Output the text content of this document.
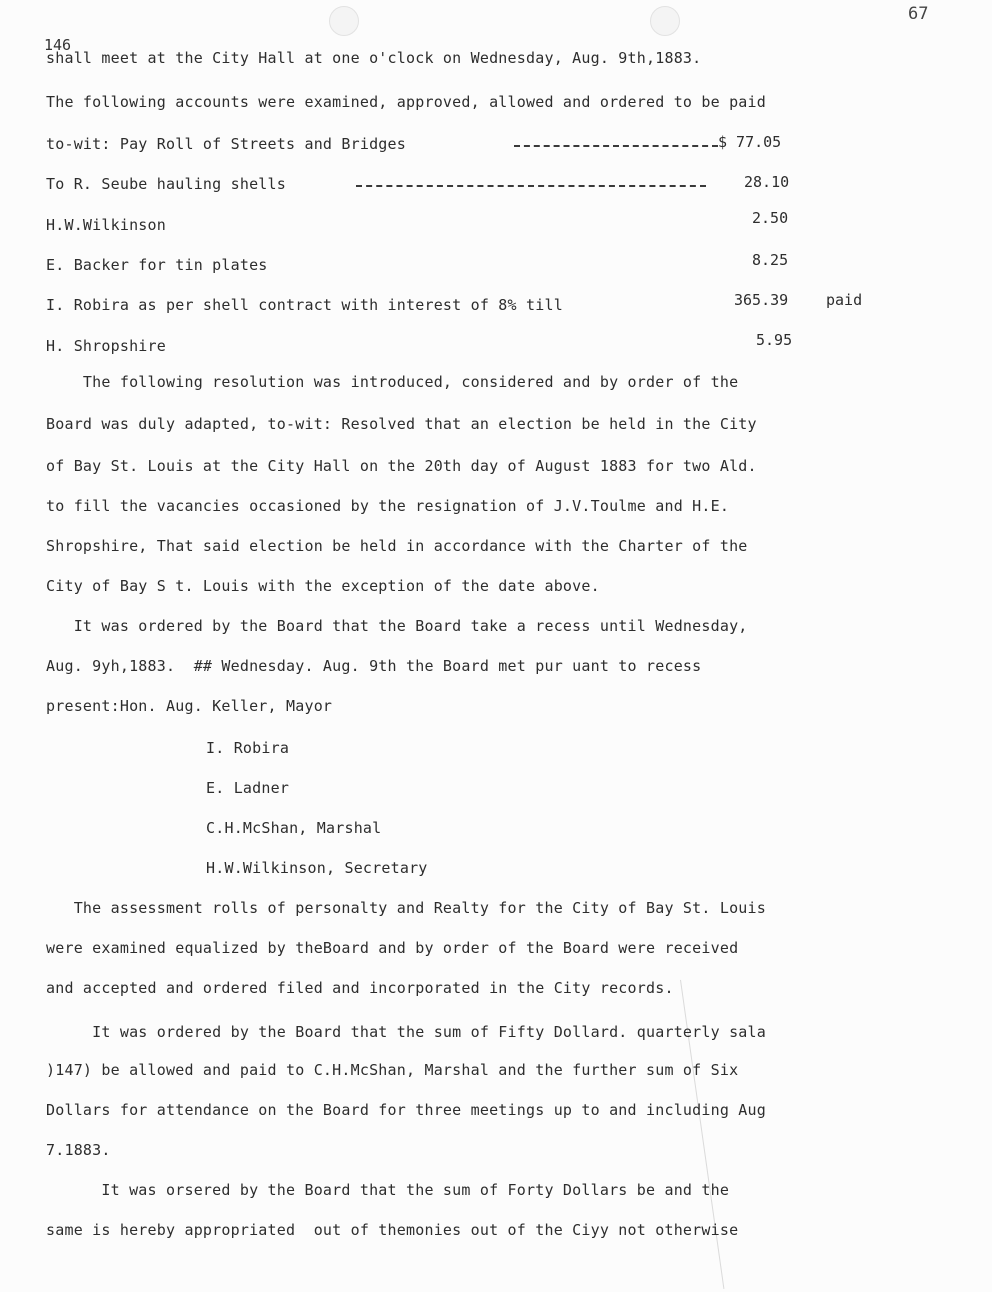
67
146
shall meet at the City Hall at one o'clock on Wednesday, Aug. 9th,1883.
The following accounts were examined, approved, allowed and ordered to be paid
to-wit: Pay Roll of Streets and Bridges	$ 77.05
To R. Seube hauling shells	28.10
H.W.Wilkinson	2.50
E. Backer for tin plates	8.25
I. Robira as per shell contract with interest of 8% till	365.39	paid
H. Shropshire	5.95
The following resolution was introduced, considered and by order of the
Board was duly adapted, to-wit: Resolved that an election be held in the City
of Bay St. Louis at the City Hall on the 20th day of August 1883 for two Ald.
to fill the vacancies occasioned by the resignation of J.V.Toulme and H.E.
Shropshire, That said election be held in accordance with the Charter of the
City of Bay S t. Louis with the exception of the date above.
It was ordered by the Board that the Board take a recess until Wednesday,
Aug. 9yh,1883.  ## Wednesday. Aug. 9th the Board met pur uant to recess
present:Hon. Aug. Keller, Mayor
I. Robira
E. Ladner
C.H.McShan, Marshal
H.W.Wilkinson, Secretary
The assessment rolls of personalty and Realty for the City of Bay St. Louis
were examined equalized by theBoard and by order of the Board were received
and accepted and ordered filed and incorporated in the City records.
It was ordered by the Board that the sum of Fifty Dollard. quarterly sala
)147) be allowed and paid to C.H.McShan, Marshal and the further sum of Six
Dollars for attendance on the Board for three meetings up to and including Aug
7.1883.
It was orsered by the Board that the sum of Forty Dollars be and the
same is hereby appropriated  out of themonies out of the Ciyy not otherwise
